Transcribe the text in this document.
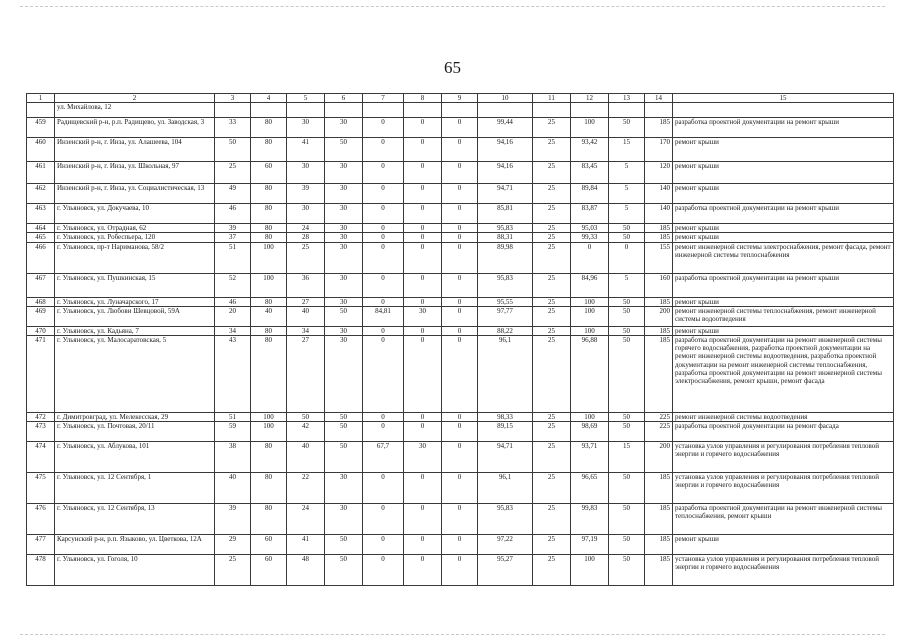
65
1	2	3	4	5	6	7	8	9	10	11	12	13	14	15
	ул. Михайлова, 12													
459	Радищевский р-н, р.п. Радищево, ул. Заводская, 3	33	80	30	30	0	0	0	99,44	25	100	50	185	разработка проектной документации на ремонт крыши
460	Инзенский р-н, г. Инза, ул. Алашеева, 104	50	80	41	50	0	0	0	94,16	25	93,42	15	170	ремонт крыши
461	Инзенский р-н, г. Инза, ул. Школьная, 97	25	60	30	30	0	0	0	94,16	25	83,45	5	120	ремонт крыши
462	Инзенский р-н, г. Инза, ул. Социалистическая, 13	49	80	39	30	0	0	0	94,71	25	89,84	5	140	ремонт крыши
463	г. Ульяновск, ул. Докучаева, 10	46	80	30	30	0	0	0	85,81	25	83,87	5	140	разработка проектной документации на ремонт крыши
464	г. Ульяновск, ул. Отрадная, 62	39	80	24	30	0	0	0	95,83	25	95,03	50	185	ремонт крыши
465	г. Ульяновск, ул. Робеспьера, 120	37	80	28	30	0	0	0	88,31	25	99,33	50	185	ремонт крыши
466	г. Ульяновск, пр-т Нариманова, 58/2	51	100	25	30	0	0	0	89,98	25	0	0	155	ремонт инженерной системы электроснабжения, ремонт фасада, ремонт инженерной системы теплоснабжения
467	г. Ульяновск, ул. Пушкинская, 15	52	100	36	30	0	0	0	95,83	25	84,96	5	160	разработка проектной документации на ремонт крыши
468	г. Ульяновск, ул. Луначарского, 17	46	80	27	30	0	0	0	95,55	25	100	50	185	ремонт крыши
469	г. Ульяновск, ул. Любови Шевцовой, 59А	20	40	40	50	84,81	30	0	97,77	25	100	50	200	ремонт инженерной системы теплоснабжения, ремонт инженерной системы водоотведения
470	г. Ульяновск, ул. Кадьяна, 7	34	80	34	30	0	0	0	88,22	25	100	50	185	ремонт крыши
471	г. Ульяновск, ул. Малосаратовская, 5	43	80	27	30	0	0	0	96,1	25	96,88	50	185	разработка проектной документации на ремонт инженерной системы горячего водоснабжения, разработка проектной документации на ремонт инженерной системы водоотведения, разработка проектной документации на ремонт инженерной системы теплоснабжения, разработка проектной документации на ремонт инженерной системы электроснабжения, ремонт крыши, ремонт фасада
472	г. Димитровград, ул. Мелекесская, 29	51	100	50	50	0	0	0	98,33	25	100	50	225	ремонт инженерной системы водоотведения
473	г. Ульяновск, ул. Почтовая, 20/11	59	100	42	50	0	0	0	89,15	25	98,69	50	225	разработка проектной документации на ремонт фасада
474	г. Ульяновск, ул. Аблукова, 101	38	80	40	50	67,7	30	0	94,71	25	93,71	15	200	установка узлов управления и регулирования потребления тепловой энергии и горячего водоснабжения
475	г. Ульяновск, ул. 12 Сентября, 1	40	80	22	30	0	0	0	96,1	25	96,65	50	185	установка узлов управления и регулирования потребления тепловой энергии и горячего водоснабжения
476	г. Ульяновск, ул. 12 Сентября, 13	39	80	24	30	0	0	0	95,83	25	99,83	50	185	разработка проектной документации на ремонт инженерной системы теплоснабжения, ремонт крыши
477	Карсунский р-н, р.п. Языково, ул. Цветкова, 12А	29	60	41	50	0	0	0	97,22	25	97,19	50	185	ремонт крыши
478	г. Ульяновск, ул. Гоголя, 10	25	60	48	50	0	0	0	95,27	25	100	50	185	установка узлов управления и регулирования потребления тепловой энергии и горячего водоснабжения
